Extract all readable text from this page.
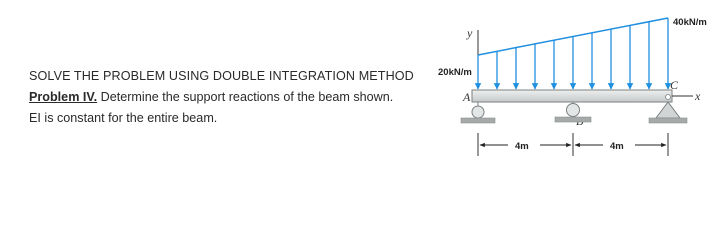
SOLVE THE PROBLEM USING DOUBLE INTEGRATION METHOD
Problem IV. Determine the support reactions of the beam shown.
EI is constant for the entire beam.
y
40kN/m
20kN/m
x
A
C
4m	4m
